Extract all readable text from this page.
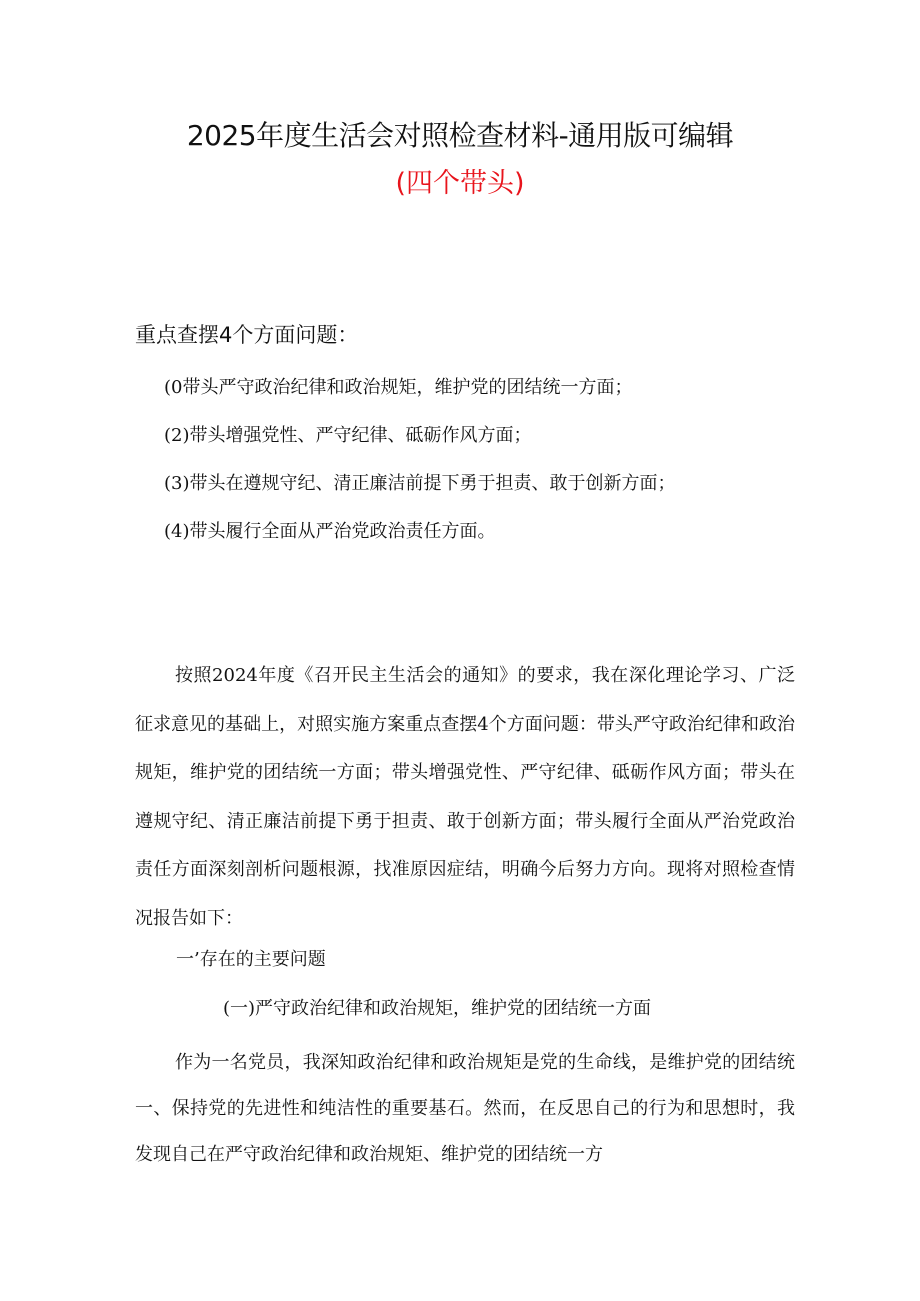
2025年度生活会对照检查材料-通用版可编辑
(四个带头)
重点查摆4个方面问题：
(0带头严守政治纪律和政治规矩，维护党的团结统一方面；
(2)带头增强党性、严守纪律、砥砺作风方面；
(3)带头在遵规守纪、清正廉洁前提下勇于担责、敢于创新方面；
(4)带头履行全面从严治党政治责任方面。

按照2024年度《召开民主生活会的通知》的要求，我在深化理论学习、广泛征求意见的基础上，对照实施方案重点查摆4个方面问题：带头严守政治纪律和政治规矩，维护党的团结统一方面；带头增强党性、严守纪律、砥砺作风方面；带头在遵规守纪、清正廉洁前提下勇于担责、敢于创新方面；带头履行全面从严治党政治责任方面深刻剖析问题根源，找准原因症结，明确今后努力方向。现将对照检查情况报告如下：

一’存在的主要问题
(一)严守政治纪律和政治规矩，维护党的团结统一方面

作为一名党员，我深知政治纪律和政治规矩是党的生命线，是维护党的团结统一、保持党的先进性和纯洁性的重要基石。然而，在反思自己的行为和思想时，我发现自己在严守政治纪律和政治规矩、维护党的团结统一方
